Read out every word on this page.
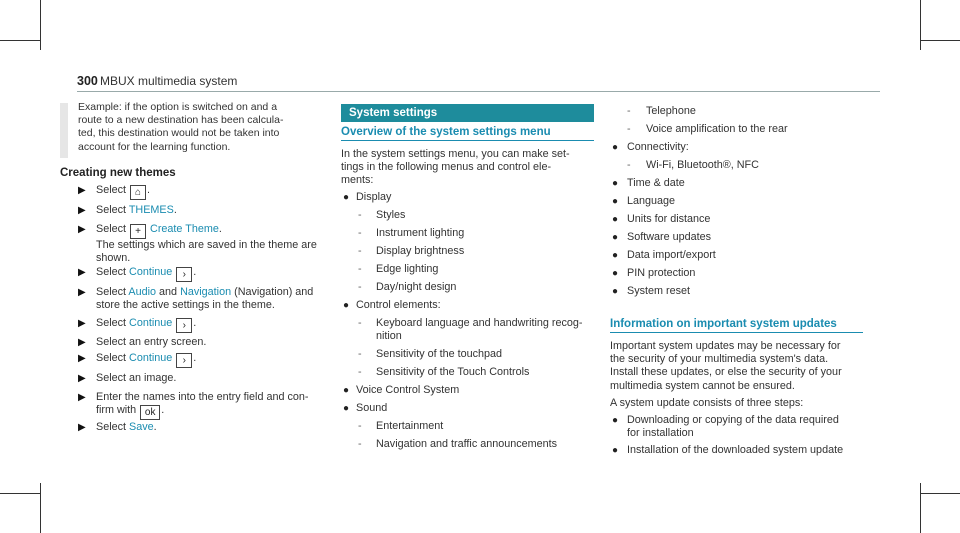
300 MBUX multimedia system
Example: if the option is switched on and a
route to a new destination has been calcula-
ted, this destination would not be taken into
account for the learning function.
Creating new themes
▶ Select ⌂ .
▶ Select THEMES.
▶ Select + Create Theme.
The settings which are saved in the theme are
shown.
▶ Select Continue › .
▶ Select Audio and Navigation (Navigation) and
store the active settings in the theme.
▶ Select Continue › .
▶ Select an entry screen.
▶ Select Continue › .
▶ Select an image.
▶ Enter the names into the entry field and con-
firm with ok .
▶ Select Save.
System settings
Overview of the system settings menu
In the system settings menu, you can make set-
tings in the following menus and control ele-
ments:
● Display
- Styles
- Instrument lighting
- Display brightness
- Edge lighting
- Day/night design
● Control elements:
- Keyboard language and handwriting recog-
nition
- Sensitivity of the touchpad
- Sensitivity of the Touch Controls
● Voice Control System
● Sound
- Entertainment
- Navigation and traffic announcements
- Telephone
- Voice amplification to the rear
● Connectivity:
- Wi-Fi, Bluetooth®, NFC
● Time & date
● Language
● Units for distance
● Software updates
● Data import/export
● PIN protection
● System reset
Information on important system updates
Important system updates may be necessary for
the security of your multimedia system's data.
Install these updates, or else the security of your
multimedia system cannot be ensured.
A system update consists of three steps:
● Downloading or copying of the data required
for installation
● Installation of the downloaded system update
